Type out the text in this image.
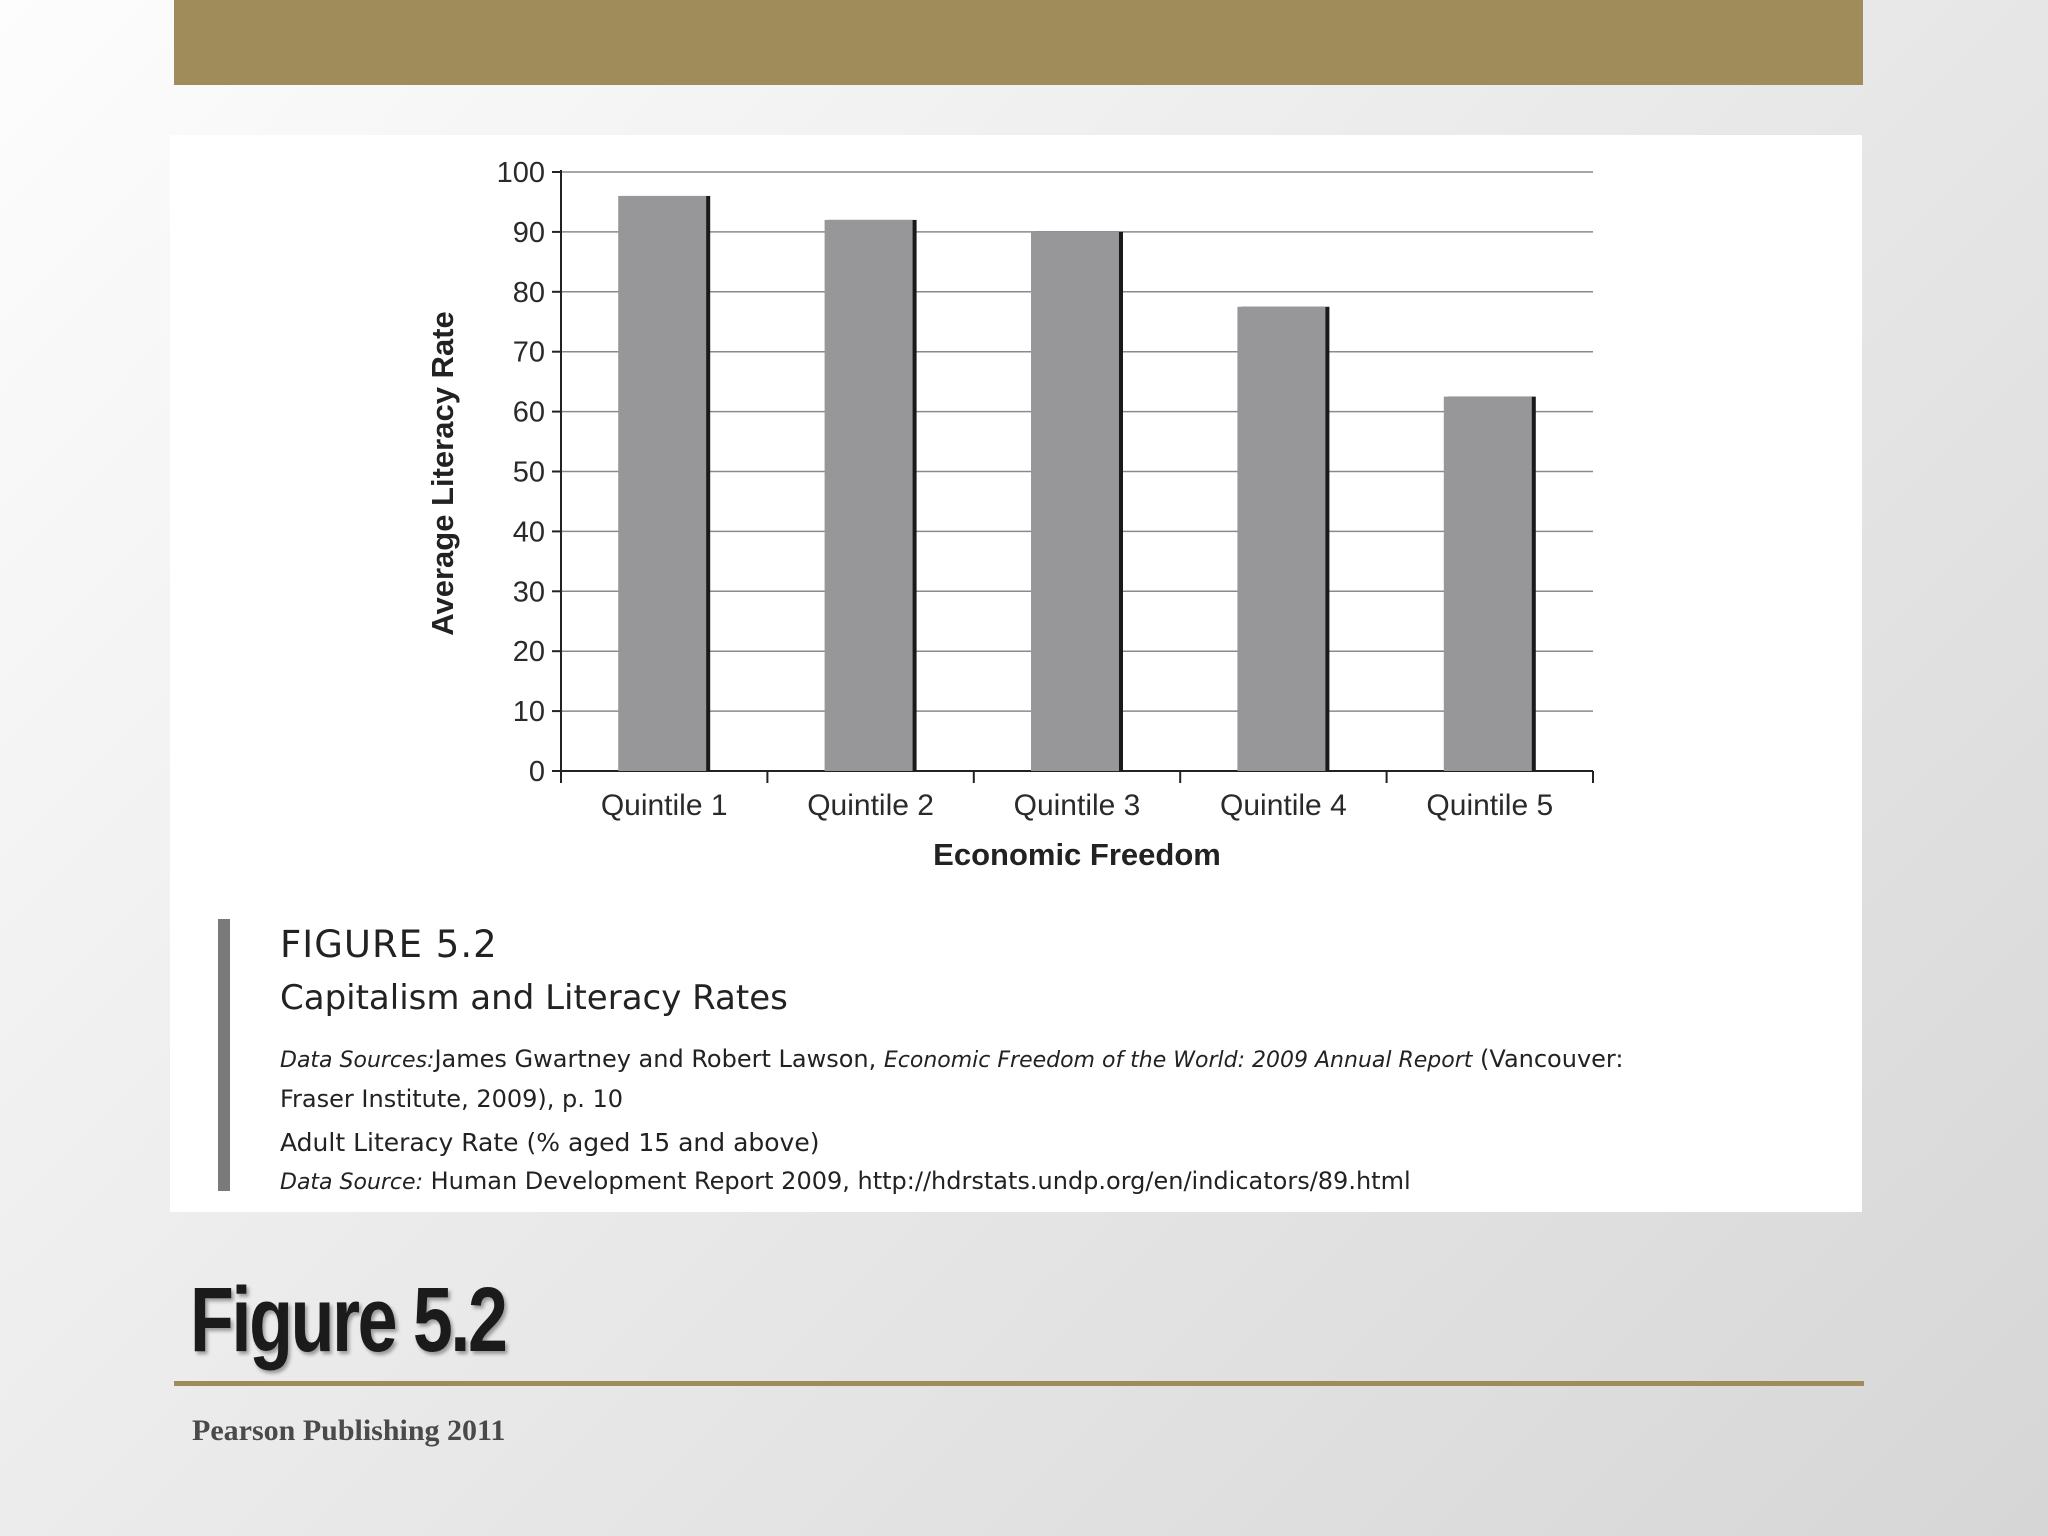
0
10
20
30
40
50
60
70
80
90
100
Quintile 1	Quintile 2	Quintile 3	Quintile 4	Quintile 5
Economic Freedom
Average Literacy Rate
FIGURE 5.2
Capitalism and Literacy Rates
Data Sources:James Gwartney and Robert Lawson, Economic Freedom of the World: 2009 Annual Report (Vancouver:
Fraser Institute, 2009), p. 10
Adult Literacy Rate (% aged 15 and above)
Data Source: Human Development Report 2009, http://hdrstats.undp.org/en/indicators/89.html
Figure 5.2
Pearson Publishing 2011
